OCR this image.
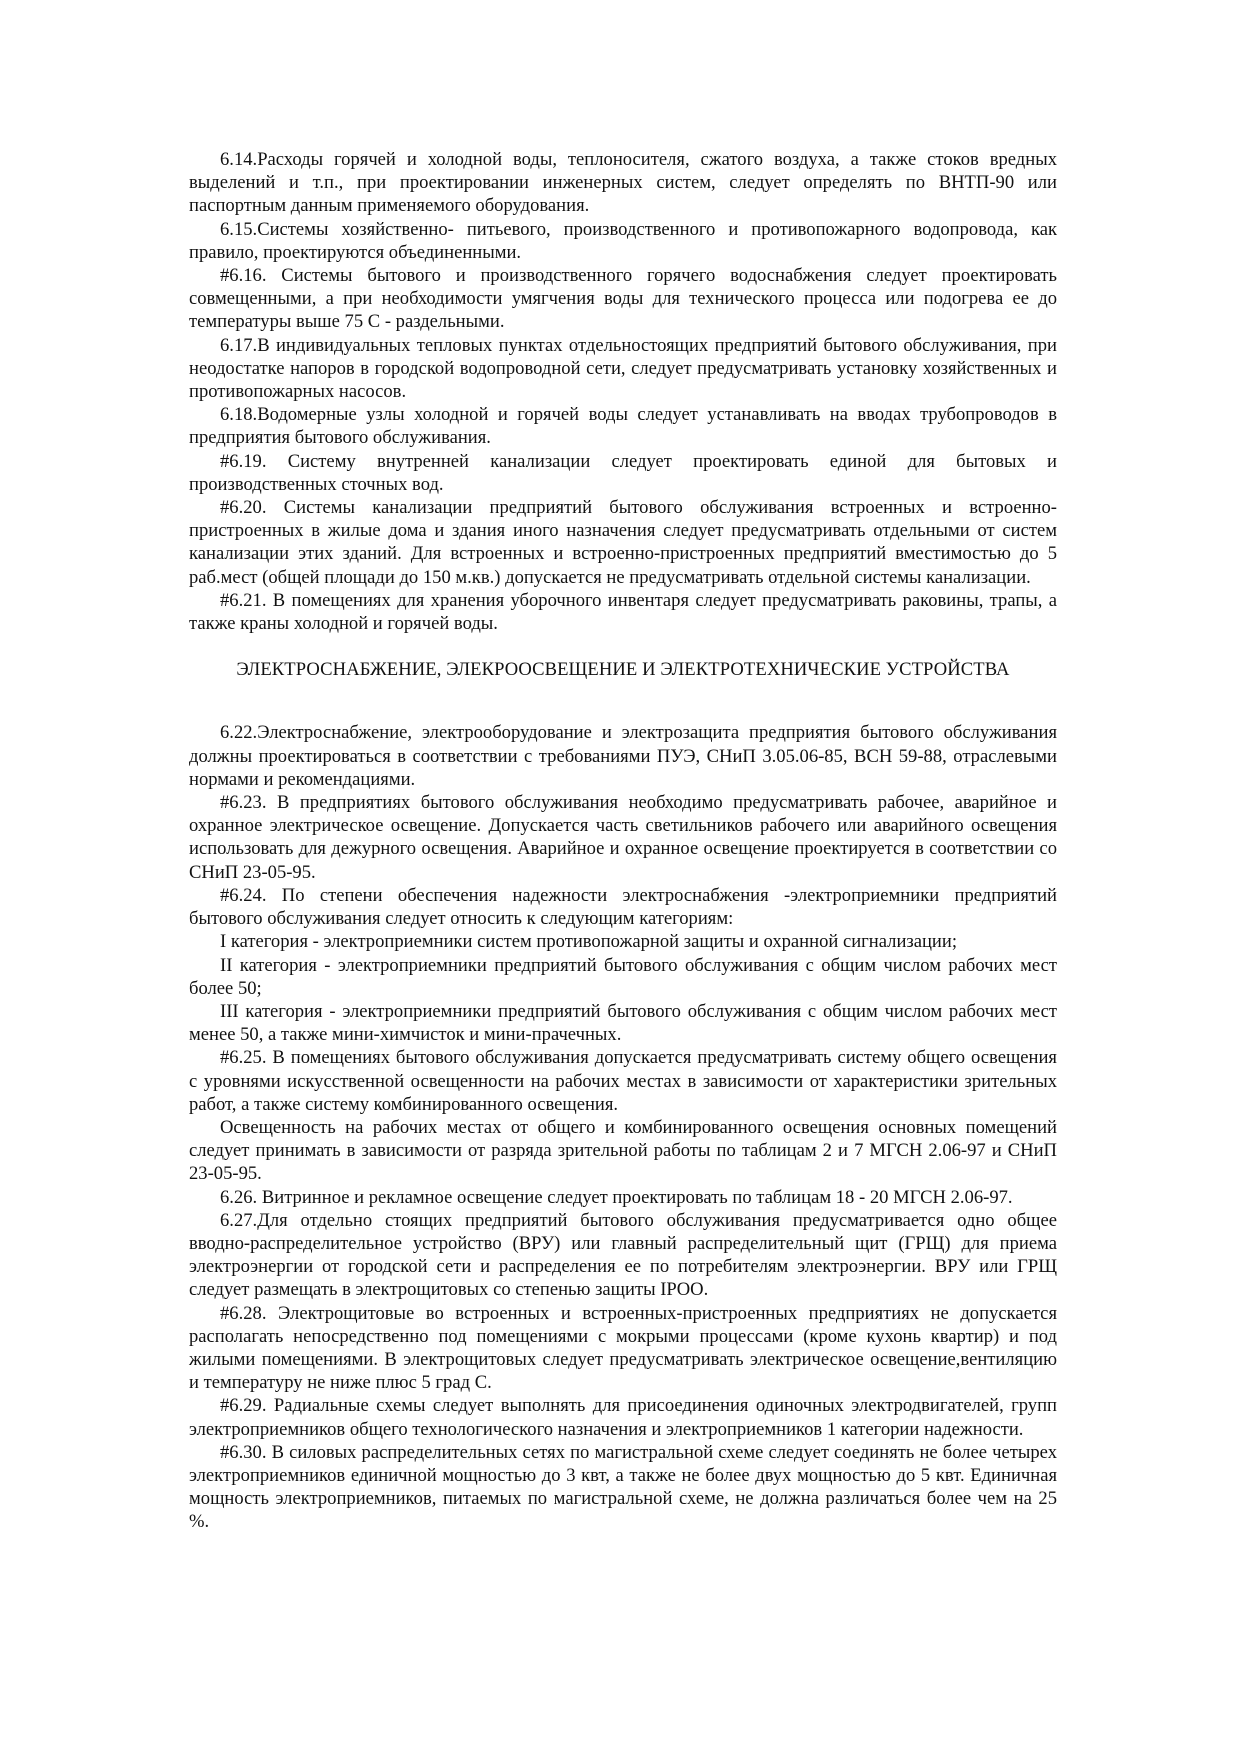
6.14.Расходы горячей и холодной воды, теплоносителя, сжатого воздуха, а также стоков вредных выделений и т.п., при проектировании инженерных систем, следует определять по ВНТП-90 или паспортным данным применяемого оборудования.

6.15.Системы хозяйственно- питьевого, производственного и противопожарного водопровода, как правило, проектируются объединенными.

#6.16. Системы бытового и производственного горячего водоснабжения следует проектировать совмещенными, а при необходимости умягчения воды для технического процесса или подогрева ее до температуры выше 75 С - раздельными.

6.17.В индивидуальных тепловых пунктах отдельностоящих предприятий бытового обслуживания, при неодостатке напоров в городской водопроводной сети, следует предусматривать установку хозяйственных и противопожарных насосов.

6.18.Водомерные узлы холодной и горячей воды следует устанавливать на вводах трубопроводов в предприятия бытового обслуживания.

#6.19. Систему внутренней канализации следует проектировать единой для бытовых и производственных сточных вод.

#6.20. Системы канализации предприятий бытового обслуживания встроенных и встроенно-пристроенных в жилые дома и здания иного назначения следует предусматривать отдельными от систем канализации этих зданий. Для встроенных и встроенно-пристроенных предприятий вместимостью до 5 раб.мест (общей площади до 150 м.кв.) допускается не предусматривать отдельной системы канализации.

#6.21. В помещениях для хранения уборочного инвентаря следует предусматривать раковины, трапы, а также краны холодной и горячей воды.

ЭЛЕКТРОСНАБЖЕНИЕ, ЭЛЕКРООСВЕЩЕНИЕ И ЭЛЕКТРОТЕХНИЧЕСКИЕ УСТРОЙСТВА

6.22.Электроснабжение, электрооборудование и электрозащита предприятия бытового обслуживания должны проектироваться в соответствии с требованиями ПУЭ, СНиП 3.05.06-85, ВСН 59-88, отраслевыми нормами и рекомендациями.

#6.23. В предприятиях бытового обслуживания необходимо предусматривать рабочее, аварийное и охранное электрическое освещение. Допускается часть светильников рабочего или аварийного освещения использовать для дежурного освещения. Аварийное и охранное освещение проектируется в соответствии со СНиП 23-05-95.

#6.24. По степени обеспечения надежности электроснабжения -электроприемники предприятий бытового обслуживания следует относить к следующим категориям:

I категория - электроприемники систем противопожарной защиты и охранной сигнализации;

II категория - электроприемники предприятий бытового обслуживания с общим числом рабочих мест более 50;

III категория - электроприемники предприятий бытового обслуживания с общим числом рабочих мест менее 50, а также мини-химчисток и мини-прачечных.

#6.25. В помещениях бытового обслуживания допускается предусматривать систему общего освещения с уровнями искусственной освещенности на рабочих местах в зависимости от характеристики зрительных работ, а также систему комбинированного освещения.

Освещенность на рабочих местах от общего и комбинированного освещения основных помещений следует принимать в зависимости от разряда зрительной работы по таблицам 2 и 7 МГСН 2.06-97 и СНиП 23-05-95.

6.26. Витринное и рекламное освещение следует проектировать по таблицам 18 - 20 МГСН 2.06-97.

6.27.Для отдельно стоящих предприятий бытового обслуживания предусматривается одно общее вводно-распределительное устройство (ВРУ) или главный распределительный щит (ГРЩ) для приема электроэнергии от городской сети и распределения ее по потребителям электроэнергии. ВРУ или ГРЩ следует размещать в электрощитовых со степенью защиты IPОО.

#6.28. Электрощитовые во встроенных и встроенных-пристроенных предприятиях не допускается располагать непосредственно под помещениями с мокрыми процессами (кроме кухонь квартир) и под жилыми помещениями. В электрощитовых следует предусматривать электрическое освещение,вентиляцию и температуру не ниже плюс 5 град С.

#6.29. Радиальные схемы следует выполнять для присоединения одиночных электродвигателей, групп электроприемников общего технологического назначения и электроприемников 1 категории надежности.

#6.30. В силовых распределительных сетях по магистральной схеме следует соединять не более четырех электроприемников единичной мощностью до 3 квт, а также не более двух мощностью до 5 квт. Единичная мощность электроприемников, питаемых по магистральной схеме, не должна различаться более чем на 25 %.
